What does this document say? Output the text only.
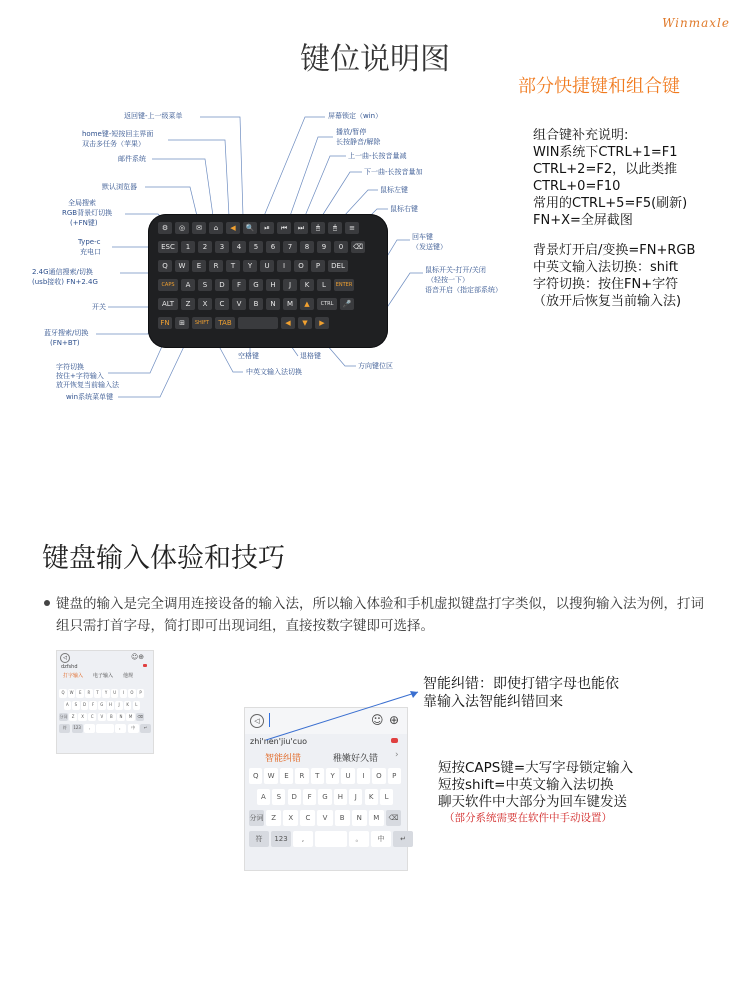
Winmaxle
键位说明图
部分快捷键和组合键
组合键补充说明:
WIN系统下CTRL+1=F1
CTRL+2=F2，以此类推
CTRL+0=F10
常用的CTRL+5=F5(刷新)
FN+X=全屏截图
背景灯开启/变换=FN+RGB
中英文输入法切换：shift
字符切换：按住FN+字符
（放开后恢复当前输入法)
返回键-上一级菜单
home键-短按回主界面
双击多任务（苹果）
邮件系统
默认浏览器
全局搜索
RGB背景灯切换
(+FN键)
Type-c
充电口
2.4G通信搜索/切换
(usb接收) FN+2.4G
开关
蓝牙搜索/切换
(FN+BT)
字符切换
按住+字符输入
放开恢复当前输入法
win系统菜单键
屏幕锁定（win）
播放/暂停
长按静音/解除
上一曲-长按音量减
下一曲-长按音量加
鼠标左键
鼠标右键
回车键
（发送键）
鼠标开关-打开/关闭
（轻按一下）
语音开启（指定部系统）
空格键	退格键
中英文输入法切换
方向键位区
⚙	◎	✉	⌂	◀	🔍	⏯	⏮	⏭	🖱	🖱	≡
ESC	1	2	3	4	5	6	7	8	9	0	⌫
Q	W	E	R	T	Y	U	I	O	P	DEL
CAPS	A	S	D	F	G	H	J	K	L	ENTER
ALT	Z	X	C	V	B	N	M	▲	CTRL	🎤
FN	⊞	SHIFT	TAB	◀	▼	▶
键盘输入体验和技巧
键盘的输入是完全调用连接设备的输入法，所以输入体验和手机虚拟键盘打字类似，以搜狗输入法为例，打词组只需打首字母，简打即可出现词组，直接按数字键即可选择。
◁	☺⊕
dzfshd
打字输入 电子输入 他规
Q	W	E	R	T	Y	U	I	O	P
A	S	D	F	G	H	J	K	L
分词	Z	X	C	V	B	N	M	⌫
符	123	,	。	中	↵
◁	☺ ⊕
zhi'nen'jiu'cuo
智能纠错	稚嫩好久错 ›
Q	W	E	R	T	Y	U	I	O	P
A	S	D	F	G	H	J	K	L
分词	Z	X	C	V	B	N	M	⌫
符	123	,	。	中	↵
智能纠错：即使打错字母也能依
靠输入法智能纠错回来
短按CAPS键=大写字母锁定输入
短按shift=中英文输入法切换
聊天软件中大部分为回车键发送
（部分系统需要在软件中手动设置）
